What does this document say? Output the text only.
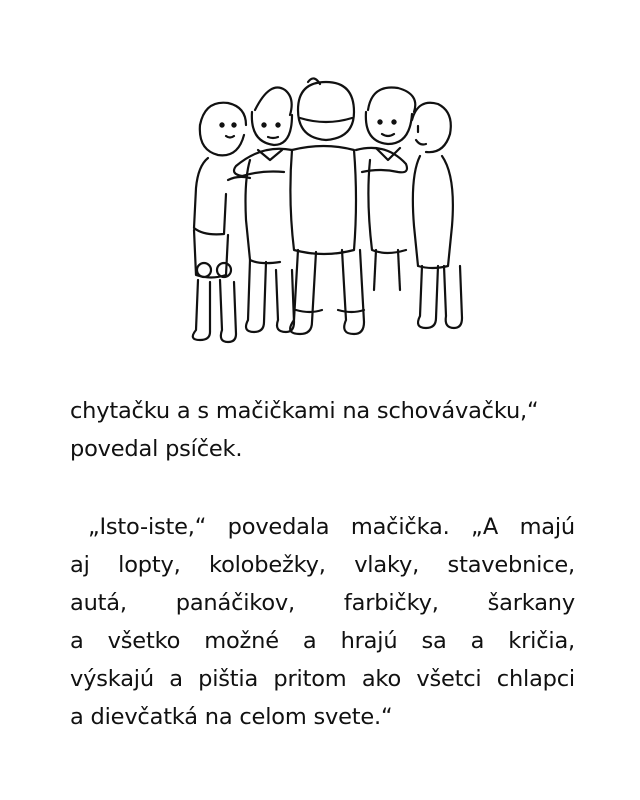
chytačku a s mačičkami na schovávačku,“
povedal psíček.
„Isto-iste,“ povedala mačička. „A majú
aj lopty, kolobežky, vlaky, stavebnice,
autá, panáčikov, farbičky, šarkany
a všetko možné a hrajú sa a kričia,
výskajú a pištia pritom ako všetci chlapci
a dievčatká na celom svete.“
